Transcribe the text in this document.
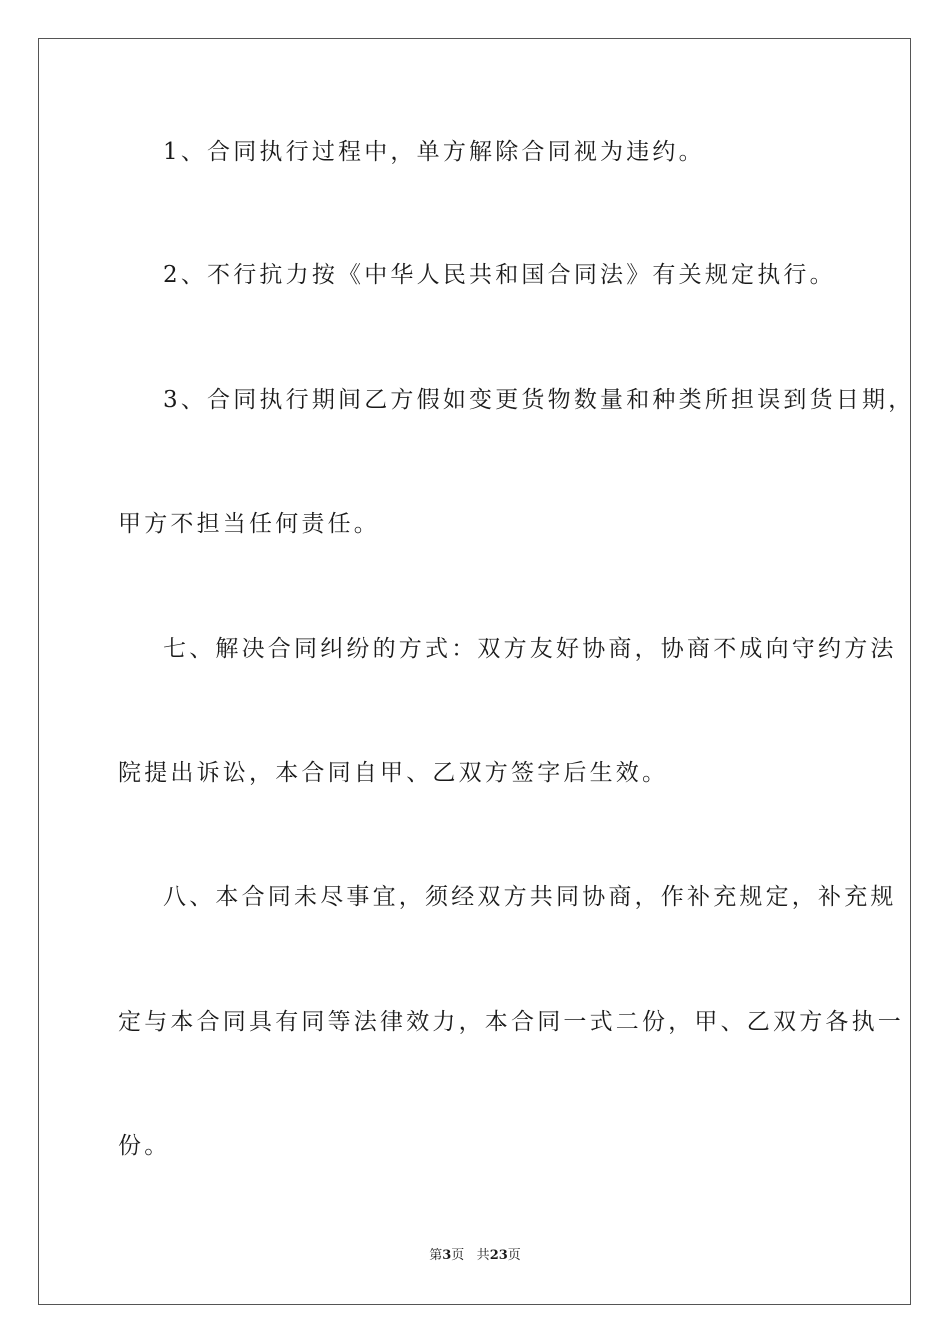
1、合同执行过程中，单方解除合同视为违约。
2、不行抗力按《中华人民共和国合同法》有关规定执行。
3、合同执行期间乙方假如变更货物数量和种类所担误到货日期，
甲方不担当任何责任。
七、解决合同纠纷的方式：双方友好协商，协商不成向守约方法
院提出诉讼，本合同自甲、乙双方签字后生效。
八、本合同未尽事宜，须经双方共同协商，作补充规定，补充规
定与本合同具有同等法律效力，本合同一式二份，甲、乙双方各执一
份。
第3页 共23页
